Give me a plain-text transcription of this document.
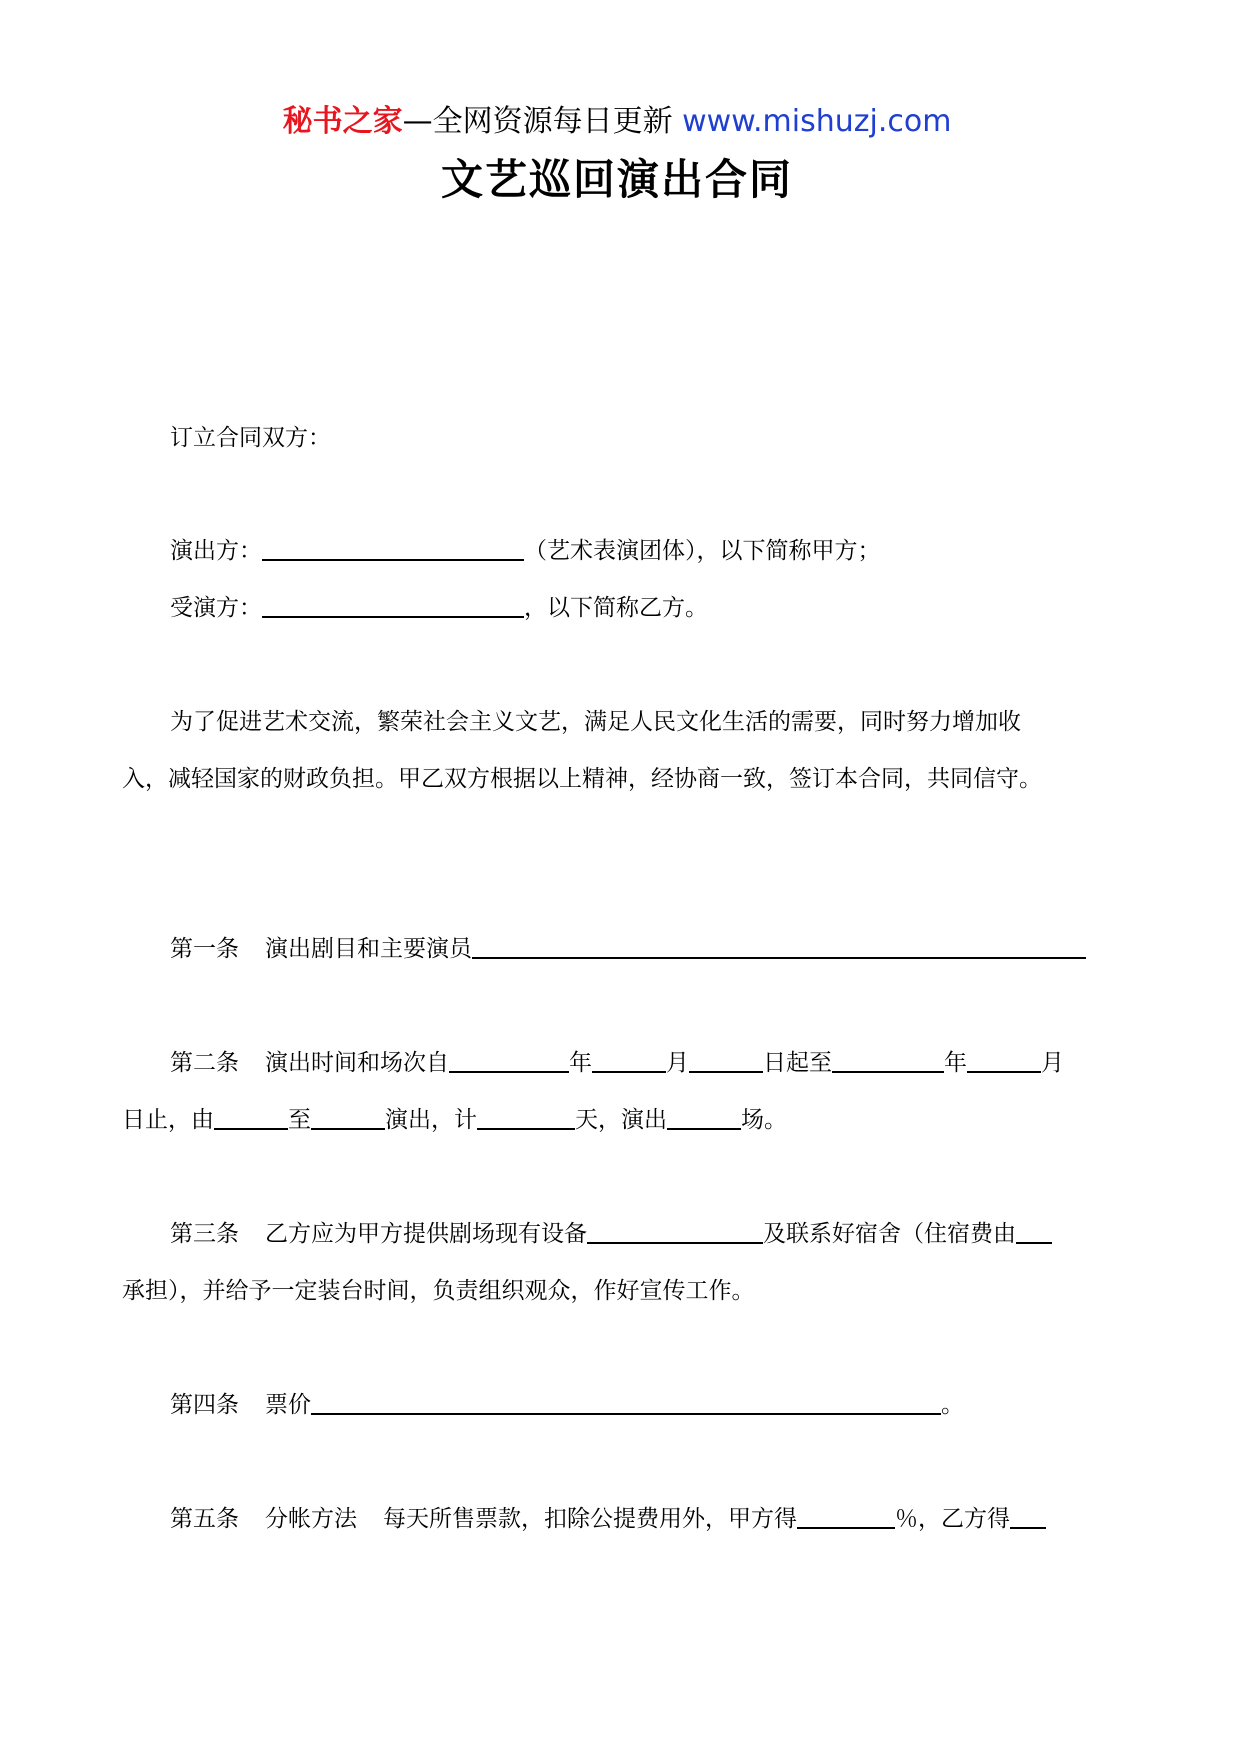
秘书之家—全网资源每日更新 www.mishuzj.com
文艺巡回演出合同
订立合同双方：
演出方：	（艺术表演团体），以下简称甲方；
受演方：	，以下简称乙方。
为了促进艺术交流，繁荣社会主义文艺，满足人民文化生活的需要，同时努力增加收
入，减轻国家的财政负担。甲乙双方根据以上精神，经协商一致，签订本合同，共同信守。
第一条 演出剧目和主要演员
第二条 演出时间和场次自	年	月	日起至	年	月
日止，由	至	演出，计	天，演出	场。
第三条 乙方应为甲方提供剧场现有设备	及联系好宿舍（住宿费由
承担），并给予一定装台时间，负责组织观众，作好宣传工作。
第四条 票价	。
第五条 分帐方法 每天所售票款，扣除公提费用外，甲方得	％，乙方得
